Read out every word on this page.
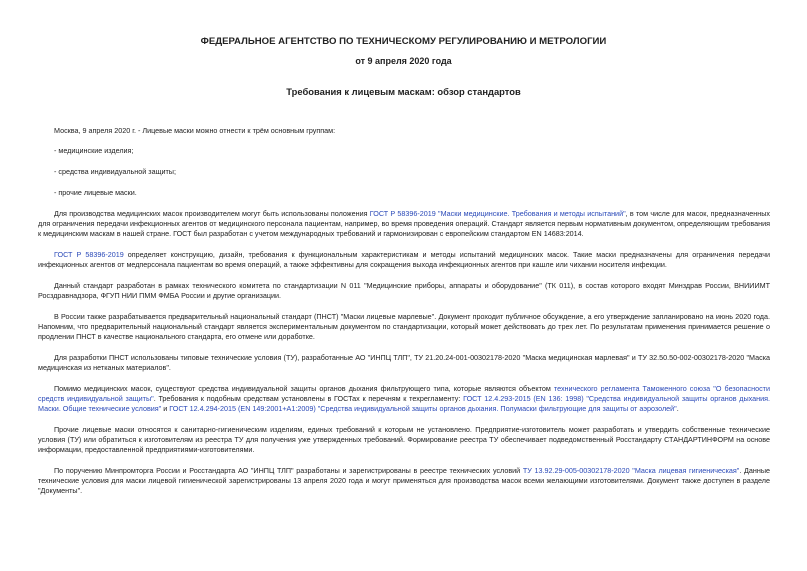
ФЕДЕРАЛЬНОЕ АГЕНТСТВО ПО ТЕХНИЧЕСКОМУ РЕГУЛИРОВАНИЮ И МЕТРОЛОГИИ
от 9 апреля 2020 года
Требования к лицевым маскам: обзор стандартов
Москва, 9 апреля 2020 г. - Лицевые маски можно отнести к трём основным группам:
- медицинские изделия;
- средства индивидуальной защиты;
- прочие лицевые маски.
Для производства медицинских масок производителем могут быть использованы положения ГОСТ Р 58396-2019 "Маски медицинские. Требования и методы испытаний", в том числе для масок, предназначенных для ограничения передачи инфекционных агентов от медицинского персонала пациентам, например, во время проведения операций. Стандарт является первым нормативным документом, определяющим требования к медицинским маскам в нашей стране. ГОСТ был разработан с учетом международных требований и гармонизирован с европейским стандартом EN 14683:2014.
ГОСТ Р 58396-2019 определяет конструкцию, дизайн, требования к функциональным характеристикам и методы испытаний медицинских масок. Такие маски предназначены для ограничения передачи инфекционных агентов от медперсонала пациентам во время операций, а также эффективны для сокращения выхода инфекционных агентов при кашле или чихании носителя инфекции.
Данный стандарт разработан в рамках технического комитета по стандартизации N 011 "Медицинские приборы, аппараты и оборудование" (ТК 011), в состав которого входят Минздрав России, ВНИИИМТ Росздравнадзора, ФГУП НИИ ПММ ФМБА России и другие организации.
В России также разрабатывается предварительный национальный стандарт (ПНСТ) "Маски лицевые марлевые". Документ проходит публичное обсуждение, а его утверждение запланировано на июнь 2020 года. Напомним, что предварительный национальный стандарт является экспериментальным документом по стандартизации, который может действовать до трех лет. По результатам применения принимается решение о продлении ПНСТ в качестве национального стандарта, его отмене или доработке.
Для разработки ПНСТ использованы типовые технические условия (ТУ), разработанные АО "ИНПЦ ТЛП", ТУ 21.20.24-001-00302178-2020 "Маска медицинская марлевая" и ТУ 32.50.50-002-00302178-2020 "Маска медицинская из нетканых материалов".
Помимо медицинских масок, существуют средства индивидуальной защиты органов дыхания фильтрующего типа, которые являются объектом технического регламента Таможенного союза "О безопасности средств индивидуальной защиты". Требования к подобным средствам установлены в ГОСТах к перечням к техрегламенту: ГОСТ 12.4.293-2015 (EN 136: 1998) "Средства индивидуальной защиты органов дыхания. Маски. Общие технические условия" и ГОСТ 12.4.294-2015 (EN 149:2001+A1:2009) "Средства индивидуальной защиты органов дыхания. Полумаски фильтрующие для защиты от аэрозолей".
Прочие лицевые маски относятся к санитарно-гигиеническим изделиям, единых требований к которым не установлено. Предприятие-изготовитель может разработать и утвердить собственные технические условия (ТУ) или обратиться к изготовителям из реестра ТУ для получения уже утвержденных требований. Формирование реестра ТУ обеспечивает подведомственный Росстандарту СТАНДАРТИНФОРМ на основе информации, предоставленной предприятиями-изготовителями.
По поручению Минпромторга России и Росстандарта АО "ИНПЦ ТЛП" разработаны и зарегистрированы в реестре технических условий ТУ 13.92.29-005-00302178-2020 "Маска лицевая гигиеническая". Данные технические условия для маски лицевой гигиенической зарегистрированы 13 апреля 2020 года и могут применяться для производства масок всеми желающими изготовителями. Документ также доступен в разделе "Документы".
